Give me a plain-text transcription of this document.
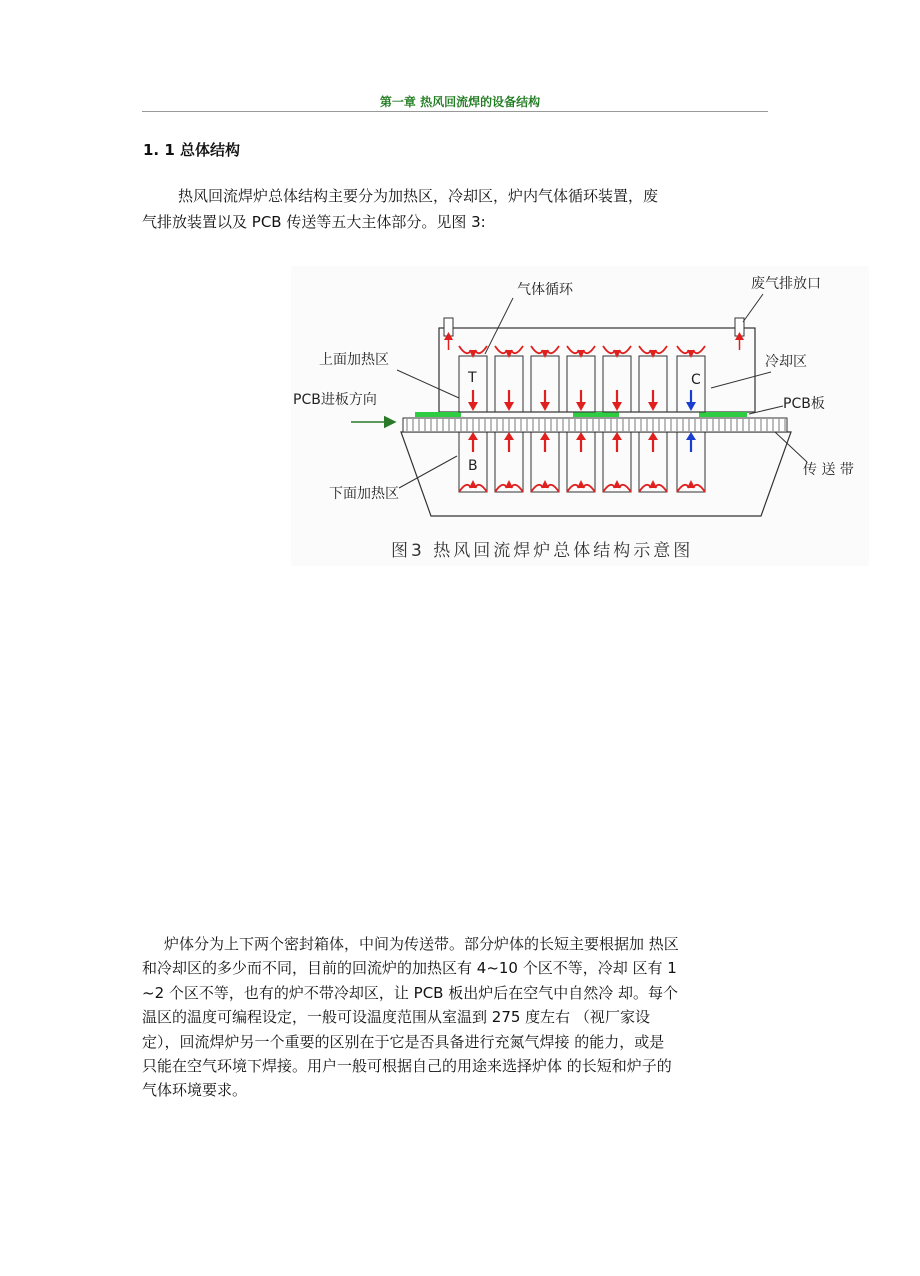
第一章 热风回流焊的设备结构
1. 1 总体结构
热风回流焊炉总体结构主要分为加热区，冷却区，炉内气体循环装置，废
气排放装置以及 PCB 传送等五大主体部分。见图 3:
T	C
B
气体循环	废气排放口
上面加热区	冷却区
PCB进板方向	PCB板
下面加热区
传 送 带
图3 热风回流焊炉总体结构示意图
炉体分为上下两个密封箱体，中间为传送带。部分炉体的长短主要根据加 热区
和冷却区的多少而不同，目前的回流炉的加热区有 4~10 个区不等，冷却 区有 1
~2 个区不等，也有的炉不带冷却区，让 PCB 板出炉后在空气中自然冷 却。每个
温区的温度可编程设定，一般可设温度范围从室温到 275 度左右 （视厂家设
定），回流焊炉另一个重要的区别在于它是否具备进行充氮气焊接 的能力，或是
只能在空气环境下焊接。用户一般可根据自己的用途来选择炉体 的长短和炉子的
气体环境要求。
